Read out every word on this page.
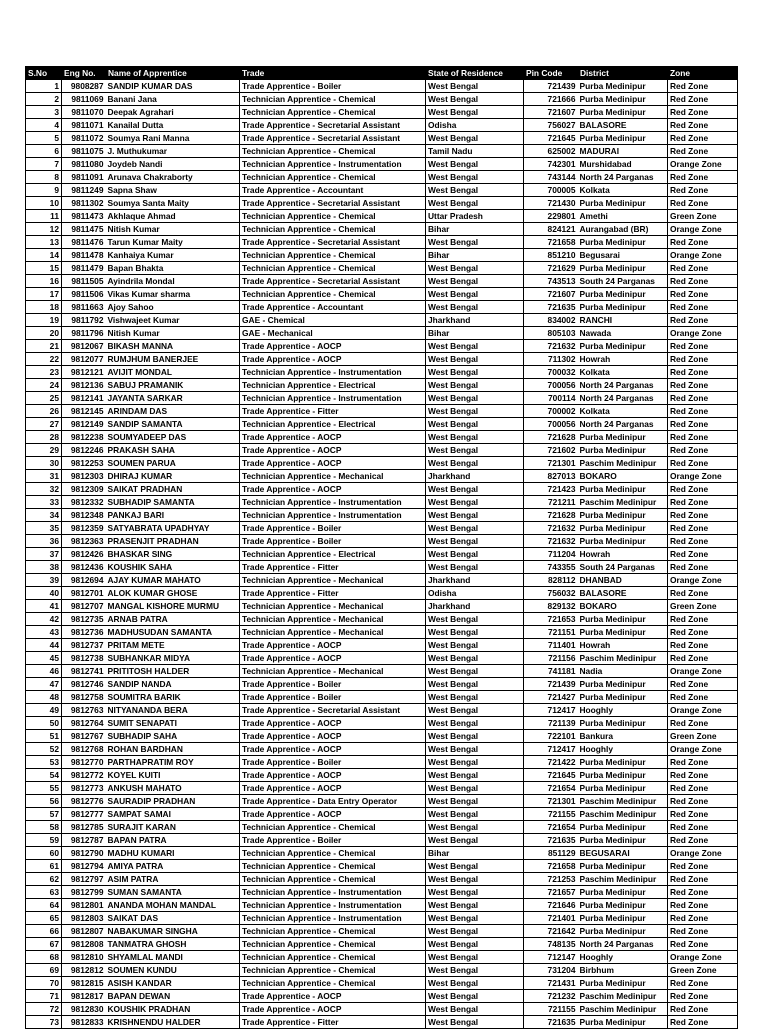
S.No	Eng No.	Name of Apprentice	Trade	State of Residence	Pin Code	District	Zone
1	9808287	SANDIP KUMAR DAS	Trade Apprentice - Boiler	West Bengal	721439	Purba Medinipur	Red Zone
2	9811069	Banani Jana	Technician Apprentice - Chemical	West Bengal	721666	Purba Medinipur	Red Zone
3	9811070	Deepak Agrahari	Technician Apprentice - Chemical	West Bengal	721607	Purba Medinipur	Red Zone
4	9811071	Kanailal Dutta	Trade Apprentice - Secretarial Assistant	Odisha	756027	BALASORE	Red Zone
5	9811072	Soumya Rani Manna	Trade Apprentice - Secretarial Assistant	West Bengal	721645	Purba Medinipur	Red Zone
6	9811075	J. Muthukumar	Technician Apprentice - Chemical	Tamil Nadu	625002	MADURAI	Red Zone
7	9811080	Joydeb Nandi	Technician Apprentice - Instrumentation	West Bengal	742301	Murshidabad	Orange Zone
8	9811091	Arunava Chakraborty	Technician Apprentice - Chemical	West Bengal	743144	North 24 Parganas	Red Zone
9	9811249	Sapna Shaw	Trade Apprentice - Accountant	West Bengal	700005	Kolkata	Red Zone
10	9811302	Soumya Santa Maity	Trade Apprentice - Secretarial Assistant	West Bengal	721430	Purba Medinipur	Red Zone
11	9811473	Akhlaque Ahmad	Technician Apprentice - Chemical	Uttar Pradesh	229801	Amethi	Green Zone
12	9811475	Nitish Kumar	Technician Apprentice - Chemical	Bihar	824121	Aurangabad (BR)	Orange Zone
13	9811476	Tarun Kumar Maity	Trade Apprentice - Secretarial Assistant	West Bengal	721658	Purba Medinipur	Red Zone
14	9811478	Kanhaiya Kumar	Technician Apprentice - Chemical	Bihar	851210	Begusarai	Orange Zone
15	9811479	Bapan Bhakta	Technician Apprentice - Chemical	West Bengal	721629	Purba Medinipur	Red Zone
16	9811505	Ayindrila Mondal	Trade Apprentice - Secretarial Assistant	West Bengal	743513	South 24 Parganas	Red Zone
17	9811506	Vikas Kumar sharma	Technician Apprentice - Chemical	West Bengal	721607	Purba Medinipur	Red Zone
18	9811663	Ajoy Sahoo	Trade Apprentice - Accountant	West Bengal	721635	Purba Medinipur	Red Zone
19	9811792	Vishwajeet Kumar	GAE - Chemical	Jharkhand	834002	RANCHI	Red Zone
20	9811796	Nitish Kumar	GAE - Mechanical	Bihar	805103	Nawada	Orange Zone
21	9812067	BIKASH MANNA	Trade Apprentice - AOCP	West Bengal	721632	Purba Medinipur	Red Zone
22	9812077	RUMJHUM BANERJEE	Trade Apprentice - AOCP	West Bengal	711302	Howrah	Red Zone
23	9812121	AVIJIT MONDAL	Technician Apprentice - Instrumentation	West Bengal	700032	Kolkata	Red Zone
24	9812136	SABUJ PRAMANIK	Technician Apprentice - Electrical	West Bengal	700056	North 24 Parganas	Red Zone
25	9812141	JAYANTA SARKAR	Technician Apprentice - Instrumentation	West Bengal	700114	North 24 Parganas	Red Zone
26	9812145	ARINDAM DAS	Trade Apprentice - Fitter	West Bengal	700002	Kolkata	Red Zone
27	9812149	SANDIP SAMANTA	Technician Apprentice - Electrical	West Bengal	700056	North 24 Parganas	Red Zone
28	9812238	SOUMYADEEP DAS	Trade Apprentice - AOCP	West Bengal	721628	Purba Medinipur	Red Zone
29	9812246	PRAKASH SAHA	Trade Apprentice - AOCP	West Bengal	721602	Purba Medinipur	Red Zone
30	9812253	SOUMEN PARUA	Trade Apprentice - AOCP	West Bengal	721301	Paschim Medinipur	Red Zone
31	9812303	DHIRAJ KUMAR	Technician Apprentice - Mechanical	Jharkhand	827013	BOKARO	Orange Zone
32	9812309	SAIKAT PRADHAN	Trade Apprentice - AOCP	West Bengal	721423	Purba Medinipur	Red Zone
33	9812332	SUBHADIP SAMANTA	Technician Apprentice - Instrumentation	West Bengal	721211	Paschim Medinipur	Red Zone
34	9812348	PANKAJ BARI	Technician Apprentice - Instrumentation	West Bengal	721628	Purba Medinipur	Red Zone
35	9812359	SATYABRATA UPADHYAY	Trade Apprentice - Boiler	West Bengal	721632	Purba Medinipur	Red Zone
36	9812363	PRASENJIT PRADHAN	Trade Apprentice - Boiler	West Bengal	721632	Purba Medinipur	Red Zone
37	9812426	BHASKAR SING	Technician Apprentice - Electrical	West Bengal	711204	Howrah	Red Zone
38	9812436	KOUSHIK SAHA	Trade Apprentice - Fitter	West Bengal	743355	South 24 Parganas	Red Zone
39	9812694	AJAY KUMAR MAHATO	Technician Apprentice - Mechanical	Jharkhand	828112	DHANBAD	Orange Zone
40	9812701	ALOK KUMAR GHOSE	Trade Apprentice - Fitter	Odisha	756032	BALASORE	Red Zone
41	9812707	MANGAL KISHORE MURMU	Technician Apprentice - Mechanical	Jharkhand	829132	BOKARO	Green Zone
42	9812735	ARNAB PATRA	Technician Apprentice - Mechanical	West Bengal	721653	Purba Medinipur	Red Zone
43	9812736	MADHUSUDAN SAMANTA	Technician Apprentice - Mechanical	West Bengal	721151	Purba Medinipur	Red Zone
44	9812737	PRITAM METE	Trade Apprentice - AOCP	West Bengal	711401	Howrah	Red Zone
45	9812738	SUBHANKAR MIDYA	Trade Apprentice - AOCP	West Bengal	721156	Paschim Medinipur	Red Zone
46	9812741	PRITITOSH HALDER	Technician Apprentice - Mechanical	West Bengal	741181	Nadia	Orange Zone
47	9812746	SANDIP NANDA	Trade Apprentice - Boiler	West Bengal	721439	Purba Medinipur	Red Zone
48	9812758	SOUMITRA BARIK	Trade Apprentice - Boiler	West Bengal	721427	Purba Medinipur	Red Zone
49	9812763	NITYANANDA BERA	Trade Apprentice - Secretarial Assistant	West Bengal	712417	Hooghly	Orange Zone
50	9812764	SUMIT SENAPATI	Trade Apprentice - AOCP	West Bengal	721139	Purba Medinipur	Red Zone
51	9812767	SUBHADIP SAHA	Trade Apprentice - AOCP	West Bengal	722101	Bankura	Green Zone
52	9812768	ROHAN BARDHAN	Trade Apprentice - AOCP	West Bengal	712417	Hooghly	Orange Zone
53	9812770	PARTHAPRATIM ROY	Trade Apprentice - Boiler	West Bengal	721422	Purba Medinipur	Red Zone
54	9812772	KOYEL KUITI	Trade Apprentice - AOCP	West Bengal	721645	Purba Medinipur	Red Zone
55	9812773	ANKUSH MAHATO	Trade Apprentice - AOCP	West Bengal	721654	Purba Medinipur	Red Zone
56	9812776	SAURADIP PRADHAN	Trade Apprentice - Data Entry Operator	West Bengal	721301	Paschim Medinipur	Red Zone
57	9812777	SAMPAT SAMAI	Trade Apprentice - AOCP	West Bengal	721155	Paschim Medinipur	Red Zone
58	9812785	SURAJIT KARAN	Technician Apprentice - Chemical	West Bengal	721654	Purba Medinipur	Red Zone
59	9812787	BAPAN PATRA	Trade Apprentice - Boiler	West Bengal	721635	Purba Medinipur	Red Zone
60	9812790	MADHU KUMARI	Technician Apprentice - Chemical	Bihar	851129	BEGUSARAI	Orange Zone
61	9812794	AMIYA PATRA	Technician Apprentice - Chemical	West Bengal	721658	Purba Medinipur	Red Zone
62	9812797	ASIM PATRA	Technician Apprentice - Chemical	West Bengal	721253	Paschim Medinipur	Red Zone
63	9812799	SUMAN SAMANTA	Technician Apprentice - Instrumentation	West Bengal	721657	Purba Medinipur	Red Zone
64	9812801	ANANDA MOHAN MANDAL	Technician Apprentice - Instrumentation	West Bengal	721646	Purba Medinipur	Red Zone
65	9812803	SAIKAT DAS	Technician Apprentice - Instrumentation	West Bengal	721401	Purba Medinipur	Red Zone
66	9812807	NABAKUMAR SINGHA	Technician Apprentice - Chemical	West Bengal	721642	Purba Medinipur	Red Zone
67	9812808	TANMATRA GHOSH	Technician Apprentice - Chemical	West Bengal	748135	North 24 Parganas	Red Zone
68	9812810	SHYAMLAL MANDI	Technician Apprentice - Chemical	West Bengal	712147	Hooghly	Orange Zone
69	9812812	SOUMEN KUNDU	Technician Apprentice - Chemical	West Bengal	731204	Birbhum	Green Zone
70	9812815	ASISH KANDAR	Technician Apprentice - Chemical	West Bengal	721431	Purba Medinipur	Red Zone
71	9812817	BAPAN DEWAN	Trade Apprentice - AOCP	West Bengal	721232	Paschim Medinipur	Red Zone
72	9812830	KOUSHIK PRADHAN	Trade Apprentice - AOCP	West Bengal	721155	Paschim Medinipur	Red Zone
73	9812833	KRISHNENDU HALDER	Trade Apprentice - Fitter	West Bengal	721635	Purba Medinipur	Red Zone
